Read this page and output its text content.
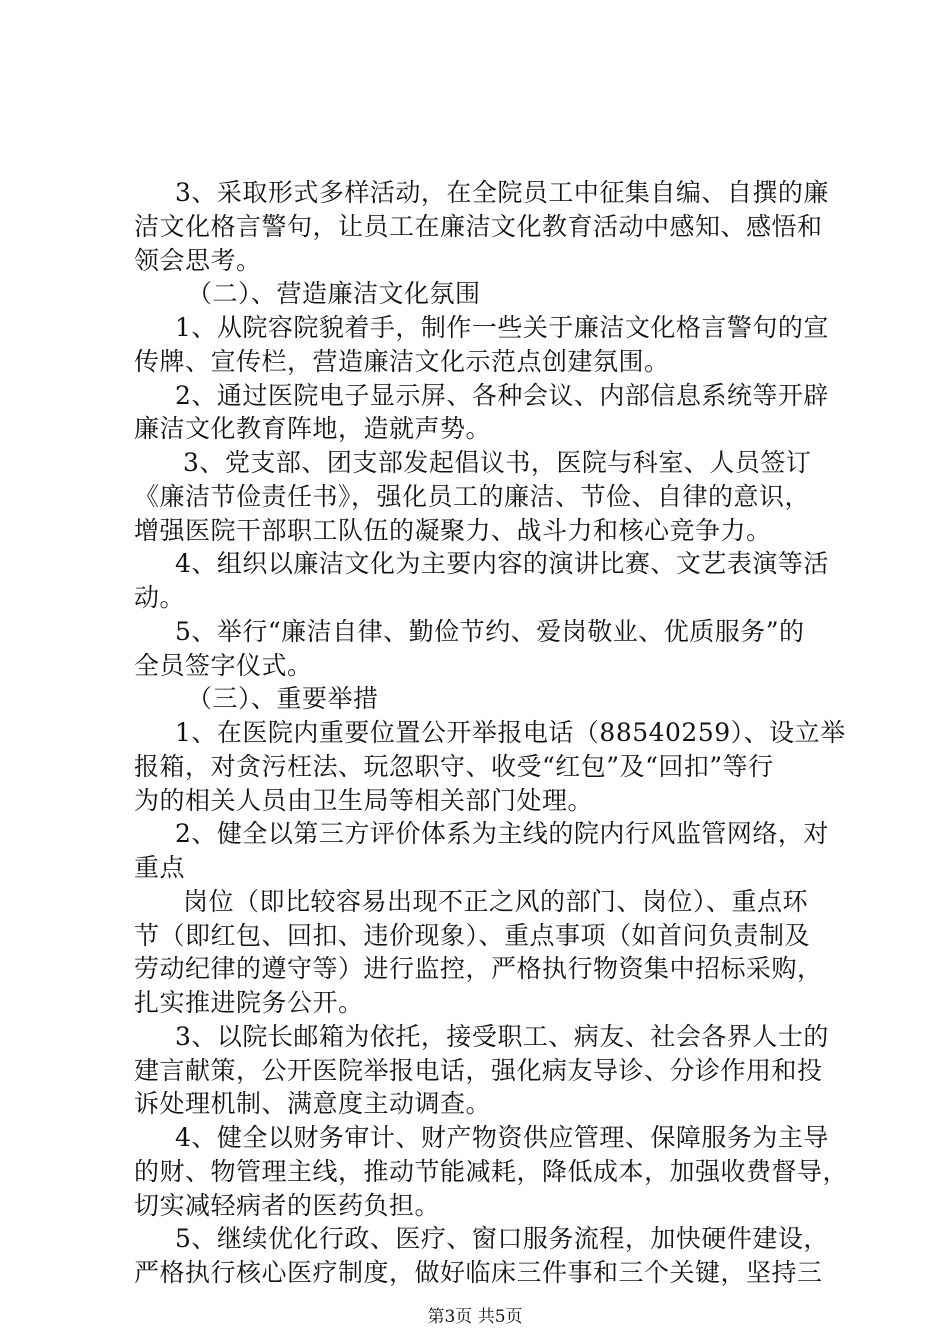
3、采取形式多样活动，在全院员工中征集自编、自撰的廉
洁文化格言警句，让员工在廉洁文化教育活动中感知、感悟和
领会思考。
（二）、营造廉洁文化氛围
1、从院容院貌着手，制作一些关于廉洁文化格言警句的宣
传牌、宣传栏，营造廉洁文化示范点创建氛围。
2、通过医院电子显示屏、各种会议、内部信息系统等开辟
廉洁文化教育阵地，造就声势。
3、党支部、团支部发起倡议书，医院与科室、人员签订
《廉洁节俭责任书》，强化员工的廉洁、节俭、自律的意识，
增强医院干部职工队伍的凝聚力、战斗力和核心竞争力。
4、组织以廉洁文化为主要内容的演讲比赛、文艺表演等活
动。
5、举行“廉洁自律、勤俭节约、爱岗敬业、优质服务”的
全员签字仪式。
（三）、重要举措
1、在医院内重要位置公开举报电话（88540259）、设立举
报箱，对贪污枉法、玩忽职守、收受“红包”及“回扣”等行
为的相关人员由卫生局等相关部门处理。
2、健全以第三方评价体系为主线的院内行风监管网络，对
重点
岗位（即比较容易出现不正之风的部门、岗位）、重点环
节（即红包、回扣、违价现象）、重点事项（如首问负责制及
劳动纪律的遵守等）进行监控，严格执行物资集中招标采购，
扎实推进院务公开。
3、以院长邮箱为依托，接受职工、病友、社会各界人士的
建言献策，公开医院举报电话，强化病友导诊、分诊作用和投
诉处理机制、满意度主动调查。
4、健全以财务审计、财产物资供应管理、保障服务为主导
的财、物管理主线，推动节能减耗，降低成本，加强收费督导，
切实减轻病者的医药负担。
5、继续优化行政、医疗、窗口服务流程，加快硬件建设，
严格执行核心医疗制度，做好临床三件事和三个关键，坚持三
第3页 共5页
